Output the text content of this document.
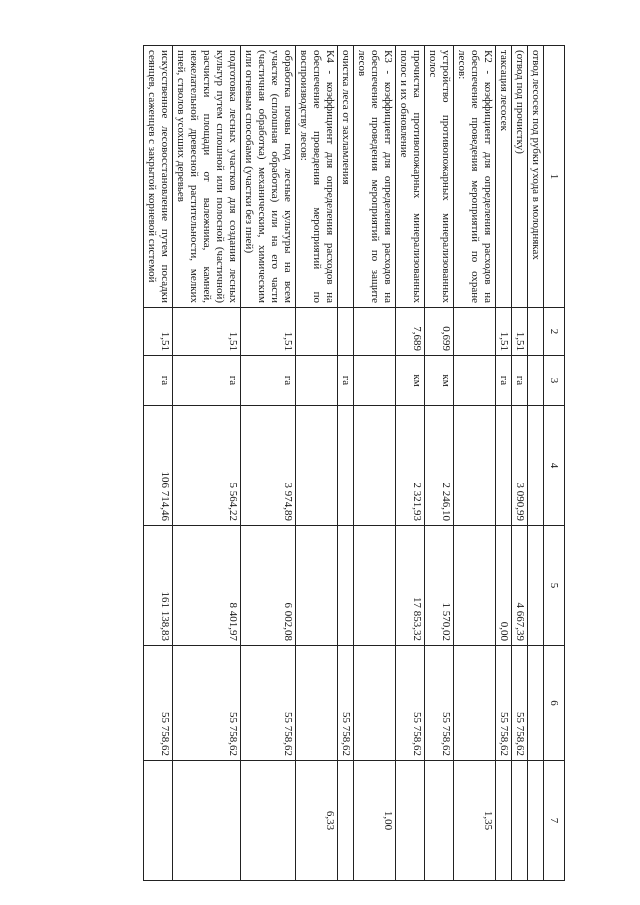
1	2	3	4	5	6	7
отвод лесосек под рубки ухода в молодняках						
(отвод под прочистку)	1,51	га	3 090,99	4 667,39	55 758,62	
таксация лесосек	1,51	га		0,00	55 758,62	
К2 - коэффициент для определения расходов на обеспечение проведения мероприятий по охране лесов:						1,35
устройство противопожарных минерализованных полос	0,699	км	2 246,10	1 570,02	55 758,62	
прочистка противопожарных минерализованных полос и их обновление	7,689	км	2 321,93	17 853,32	55 758,62	
К3 - коэффициент для определения расходов на обеспечение проведения мероприятий по защите лесов						1,00
очистка леса от захламления		га			55 758,62	
К4 - коэффициент для определения расходов на обеспечение проведения мероприятий по воспроизводству лесов:						6,33
обработка почвы под лесные культуры на всем участке (сплошная обработка) или на его части (частичная обработка) механическим, химическим или огневым способами (участки без пней)	1,51	га	3 974,89	6 002,08	55 758,62	
подготовка лесных участков для создания лесных культур путем сплошной или полосной (частичной) расчистки площади от валежника, камней, нежелательной древесной растительности, мелких пней, стволов усохших деревьев	1,51	га	5 564,22	8 401,97	55 758,62	
искусственное лесовосстановление путем посадки сеянцев, саженцев с закрытой корневой системой	1,51	га	106 714,46	161 138,83	55 758,62	
